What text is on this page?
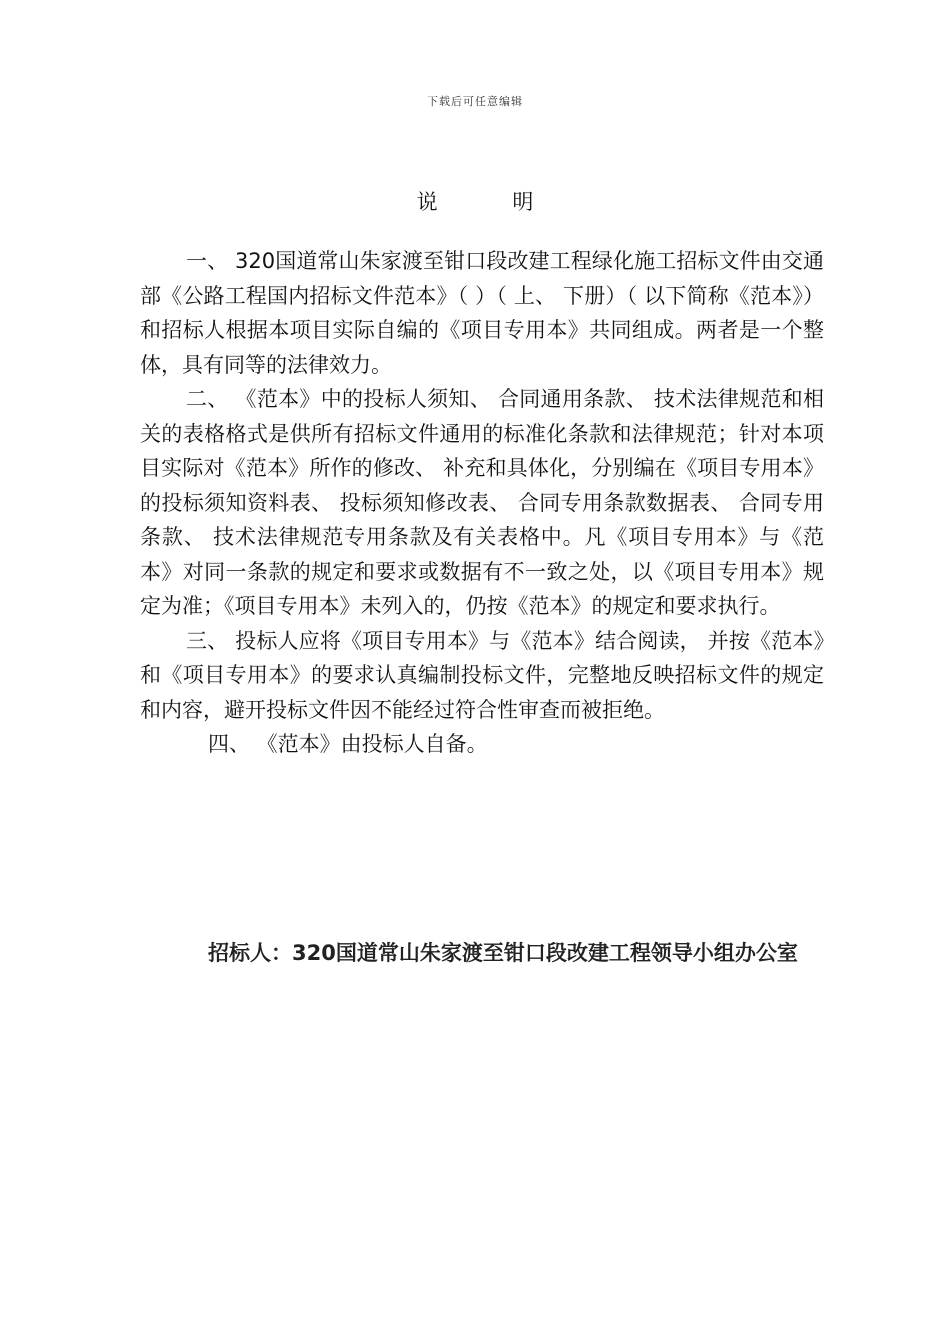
下载后可任意编辑
说 明

一、 320国道常山朱家渡至钳口段改建工程绿化施工招标文件由交通部《公路工程国内招标文件范本》（ ）（ 上、 下册）（ 以下简称《范本》） 和招标人根据本项目实际自编的《项目专用本》共同组成。两者是一个整体，具有同等的法律效力。

二、 《范本》中的投标人须知、 合同通用条款、 技术法律规范和相关的表格格式是供所有招标文件通用的标准化条款和法律规范；针对本项目实际对《范本》所作的修改、 补充和具体化，分别编在《项目专用本》的投标须知资料表、 投标须知修改表、 合同专用条款数据表、 合同专用条款、 技术法律规范专用条款及有关表格中。凡《项目专用本》与《范本》对同一条款的规定和要求或数据有不一致之处，以《项目专用本》规定为准；《项目专用本》未列入的，仍按《范本》的规定和要求执行。

三、 投标人应将《项目专用本》与《范本》结合阅读， 并按《范本》和《项目专用本》的要求认真编制投标文件，完整地反映招标文件的规定和内容，避开投标文件因不能经过符合性审查而被拒绝。

四、 《范本》由投标人自备。

招标人：320国道常山朱家渡至钳口段改建工程领导小组办公室
